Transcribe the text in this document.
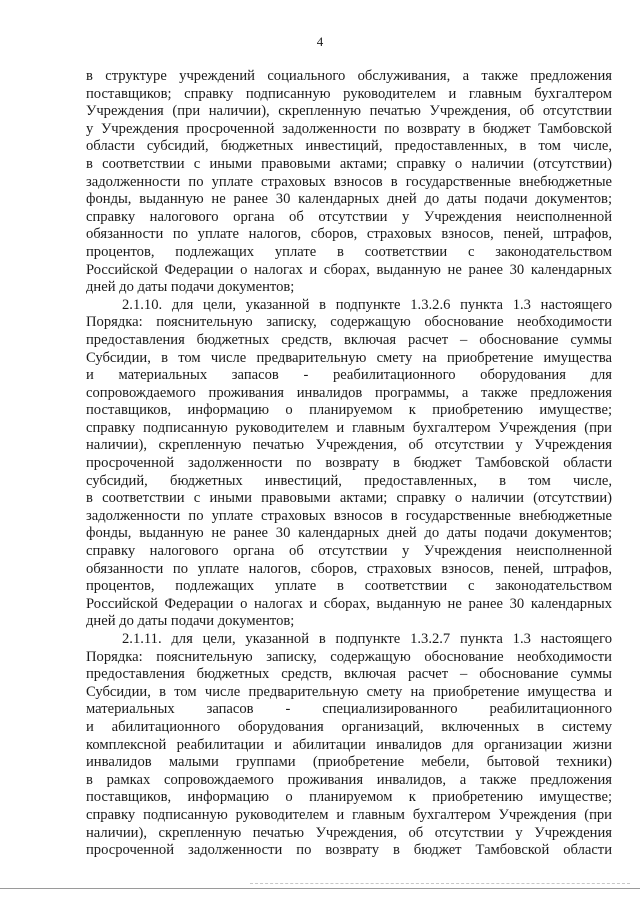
4
в структуре учреждений социального обслуживания, а также предложения
поставщиков; справку подписанную руководителем и главным бухгалтером
Учреждения (при наличии), скрепленную печатью Учреждения, об отсутствии
у Учреждения просроченной задолженности по возврату в бюджет Тамбовской
области субсидий, бюджетных инвестиций, предоставленных, в том числе,
в соответствии с иными правовыми актами; справку о наличии (отсутствии)
задолженности по уплате страховых взносов в государственные внебюджетные
фонды, выданную не ранее 30 календарных дней до даты подачи документов;
справку налогового органа об отсутствии у Учреждения неисполненной
обязанности по уплате налогов, сборов, страховых взносов, пеней, штрафов,
процентов, подлежащих уплате в соответствии с законодательством
Российской Федерации о налогах и сборах, выданную не ранее 30 календарных
дней до даты подачи документов;
2.1.10. для цели, указанной в подпункте 1.3.2.6 пункта 1.3 настоящего
Порядка: пояснительную записку, содержащую обоснование необходимости
предоставления бюджетных средств, включая расчет – обоснование суммы
Субсидии, в том числе предварительную смету на приобретение имущества
и материальных запасов - реабилитационного оборудования для
сопровождаемого проживания инвалидов программы, а также предложения
поставщиков, информацию о планируемом к приобретению имуществе;
справку подписанную руководителем и главным бухгалтером Учреждения (при
наличии), скрепленную печатью Учреждения, об отсутствии у Учреждения
просроченной задолженности по возврату в бюджет Тамбовской области
субсидий, бюджетных инвестиций, предоставленных, в том числе,
в соответствии с иными правовыми актами; справку о наличии (отсутствии)
задолженности по уплате страховых взносов в государственные внебюджетные
фонды, выданную не ранее 30 календарных дней до даты подачи документов;
справку налогового органа об отсутствии у Учреждения неисполненной
обязанности по уплате налогов, сборов, страховых взносов, пеней, штрафов,
процентов, подлежащих уплате в соответствии с законодательством
Российской Федерации о налогах и сборах, выданную не ранее 30 календарных
дней до даты подачи документов;
2.1.11. для цели, указанной в подпункте 1.3.2.7 пункта 1.3 настоящего
Порядка: пояснительную записку, содержащую обоснование необходимости
предоставления бюджетных средств, включая расчет – обоснование суммы
Субсидии, в том числе предварительную смету на приобретение имущества и
материальных запасов - специализированного реабилитационного
и абилитационного оборудования организаций, включенных в систему
комплексной реабилитации и абилитации инвалидов для организации жизни
инвалидов малыми группами (приобретение мебели, бытовой техники)
в рамках сопровождаемого проживания инвалидов, а также предложения
поставщиков, информацию о планируемом к приобретению имуществе;
справку подписанную руководителем и главным бухгалтером Учреждения (при
наличии), скрепленную печатью Учреждения, об отсутствии у Учреждения
просроченной задолженности по возврату в бюджет Тамбовской области
